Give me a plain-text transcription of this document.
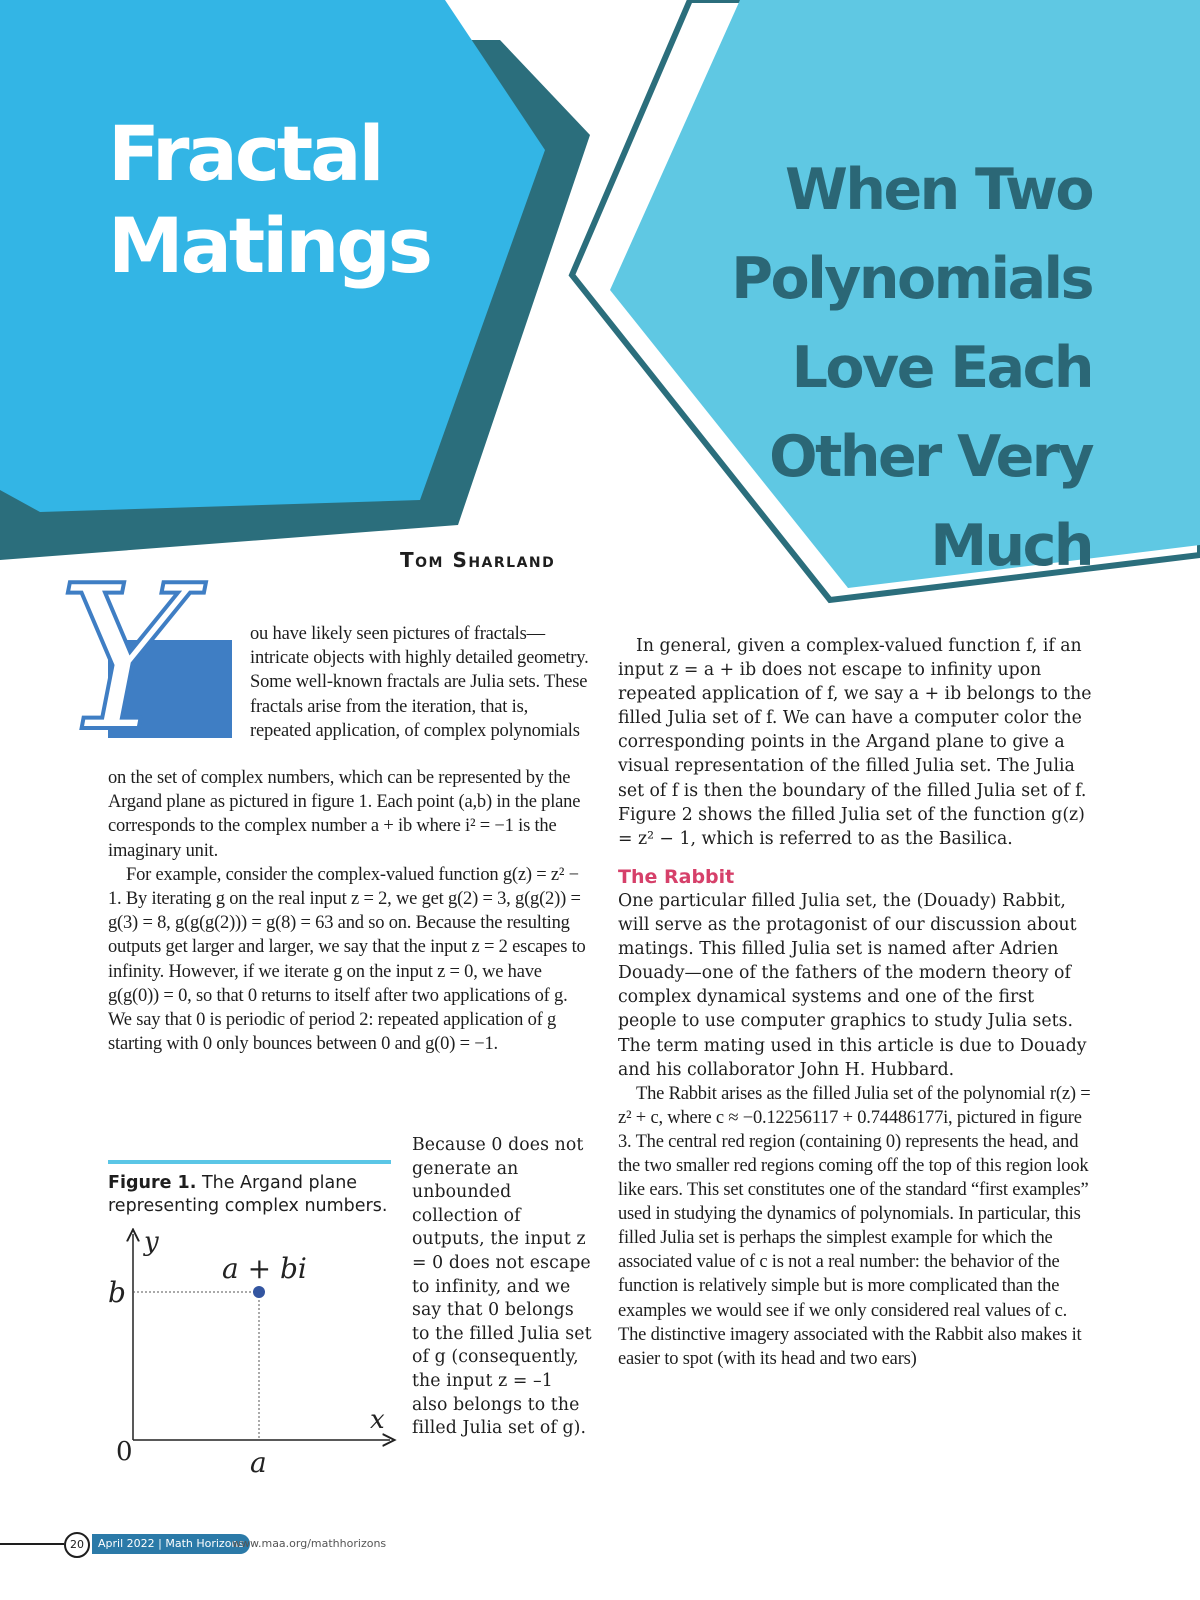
Fractal
Matings
When Two
Polynomials
Love Each
Other Very
Much
Tom Sharland
Y	ou have likely seen pictures of fractals— intricate objects with highly detailed geometry. Some well-known fractals are Julia sets. These fractals arise from the iteration, that is, repeated application, of complex polynomials

on the set of complex numbers, which can be represented by the Argand plane as pictured in figure 1. Each point (a,b) in the plane corresponds to the complex number a + ib where i² = −1 is the imaginary unit.

For example, consider the complex-valued function g(z) = z² − 1. By iterating g on the real input z = 2, we get g(2) = 3, g(g(2)) = g(3) = 8, g(g(g(2))) = g(8) = 63 and so on. Because the resulting outputs get larger and larger, we say that the input z = 2 escapes to infinity. However, if we iterate g on the input z = 0, we have g(g(0)) = 0, so that 0 returns to itself after two applications of g. We say that 0 is periodic of period 2: repeated application of g starting with 0 only bounces between 0 and g(0) = −1.

Figure 1. The Argand plane representing complex numbers.
y
x
b
a
0
a + bi
Because 0 does not generate an unbounded collection of outputs, the input z = 0 does not escape to infinity, and we say that 0 belongs to the filled Julia set of g (consequently, the input z = –1 also belongs to the filled Julia set of g).

In general, given a complex-valued function f, if an input z = a + ib does not escape to infinity upon repeated application of f, we say a + ib belongs to the filled Julia set of f. We can have a computer color the corresponding points in the Argand plane to give a visual representation of the filled Julia set. The Julia set of f is then the boundary of the filled Julia set of f. Figure 2 shows the filled Julia set of the function g(z) = z² − 1, which is referred to as the Basilica.

The Rabbit

One particular filled Julia set, the (Douady) Rabbit, will serve as the protagonist of our discussion about matings. This filled Julia set is named after Adrien Douady—one of the fathers of the modern theory of complex dynamical systems and one of the first people to use computer graphics to study Julia sets. The term mating used in this article is due to Douady and his collaborator John H. Hubbard.

The Rabbit arises as the filled Julia set of the polynomial r(z) = z² + c, where c ≈ −0.12256117 + 0.74486177i, pictured in figure 3. The central red region (containing 0) represents the head, and the two smaller red regions coming off the top of this region look like ears. This set constitutes one of the standard “first examples” used in studying the dynamics of polynomials. In particular, this filled Julia set is perhaps the simplest example for which the associated value of c is not a real number: the behavior of the function is relatively simple but is more complicated than the examples we would see if we only considered real values of c. The distinctive imagery associated with the Rabbit also makes it easier to spot (with its head and two ears)

20	April 2022 | Math Horizons
www.maa.org/mathhorizons
